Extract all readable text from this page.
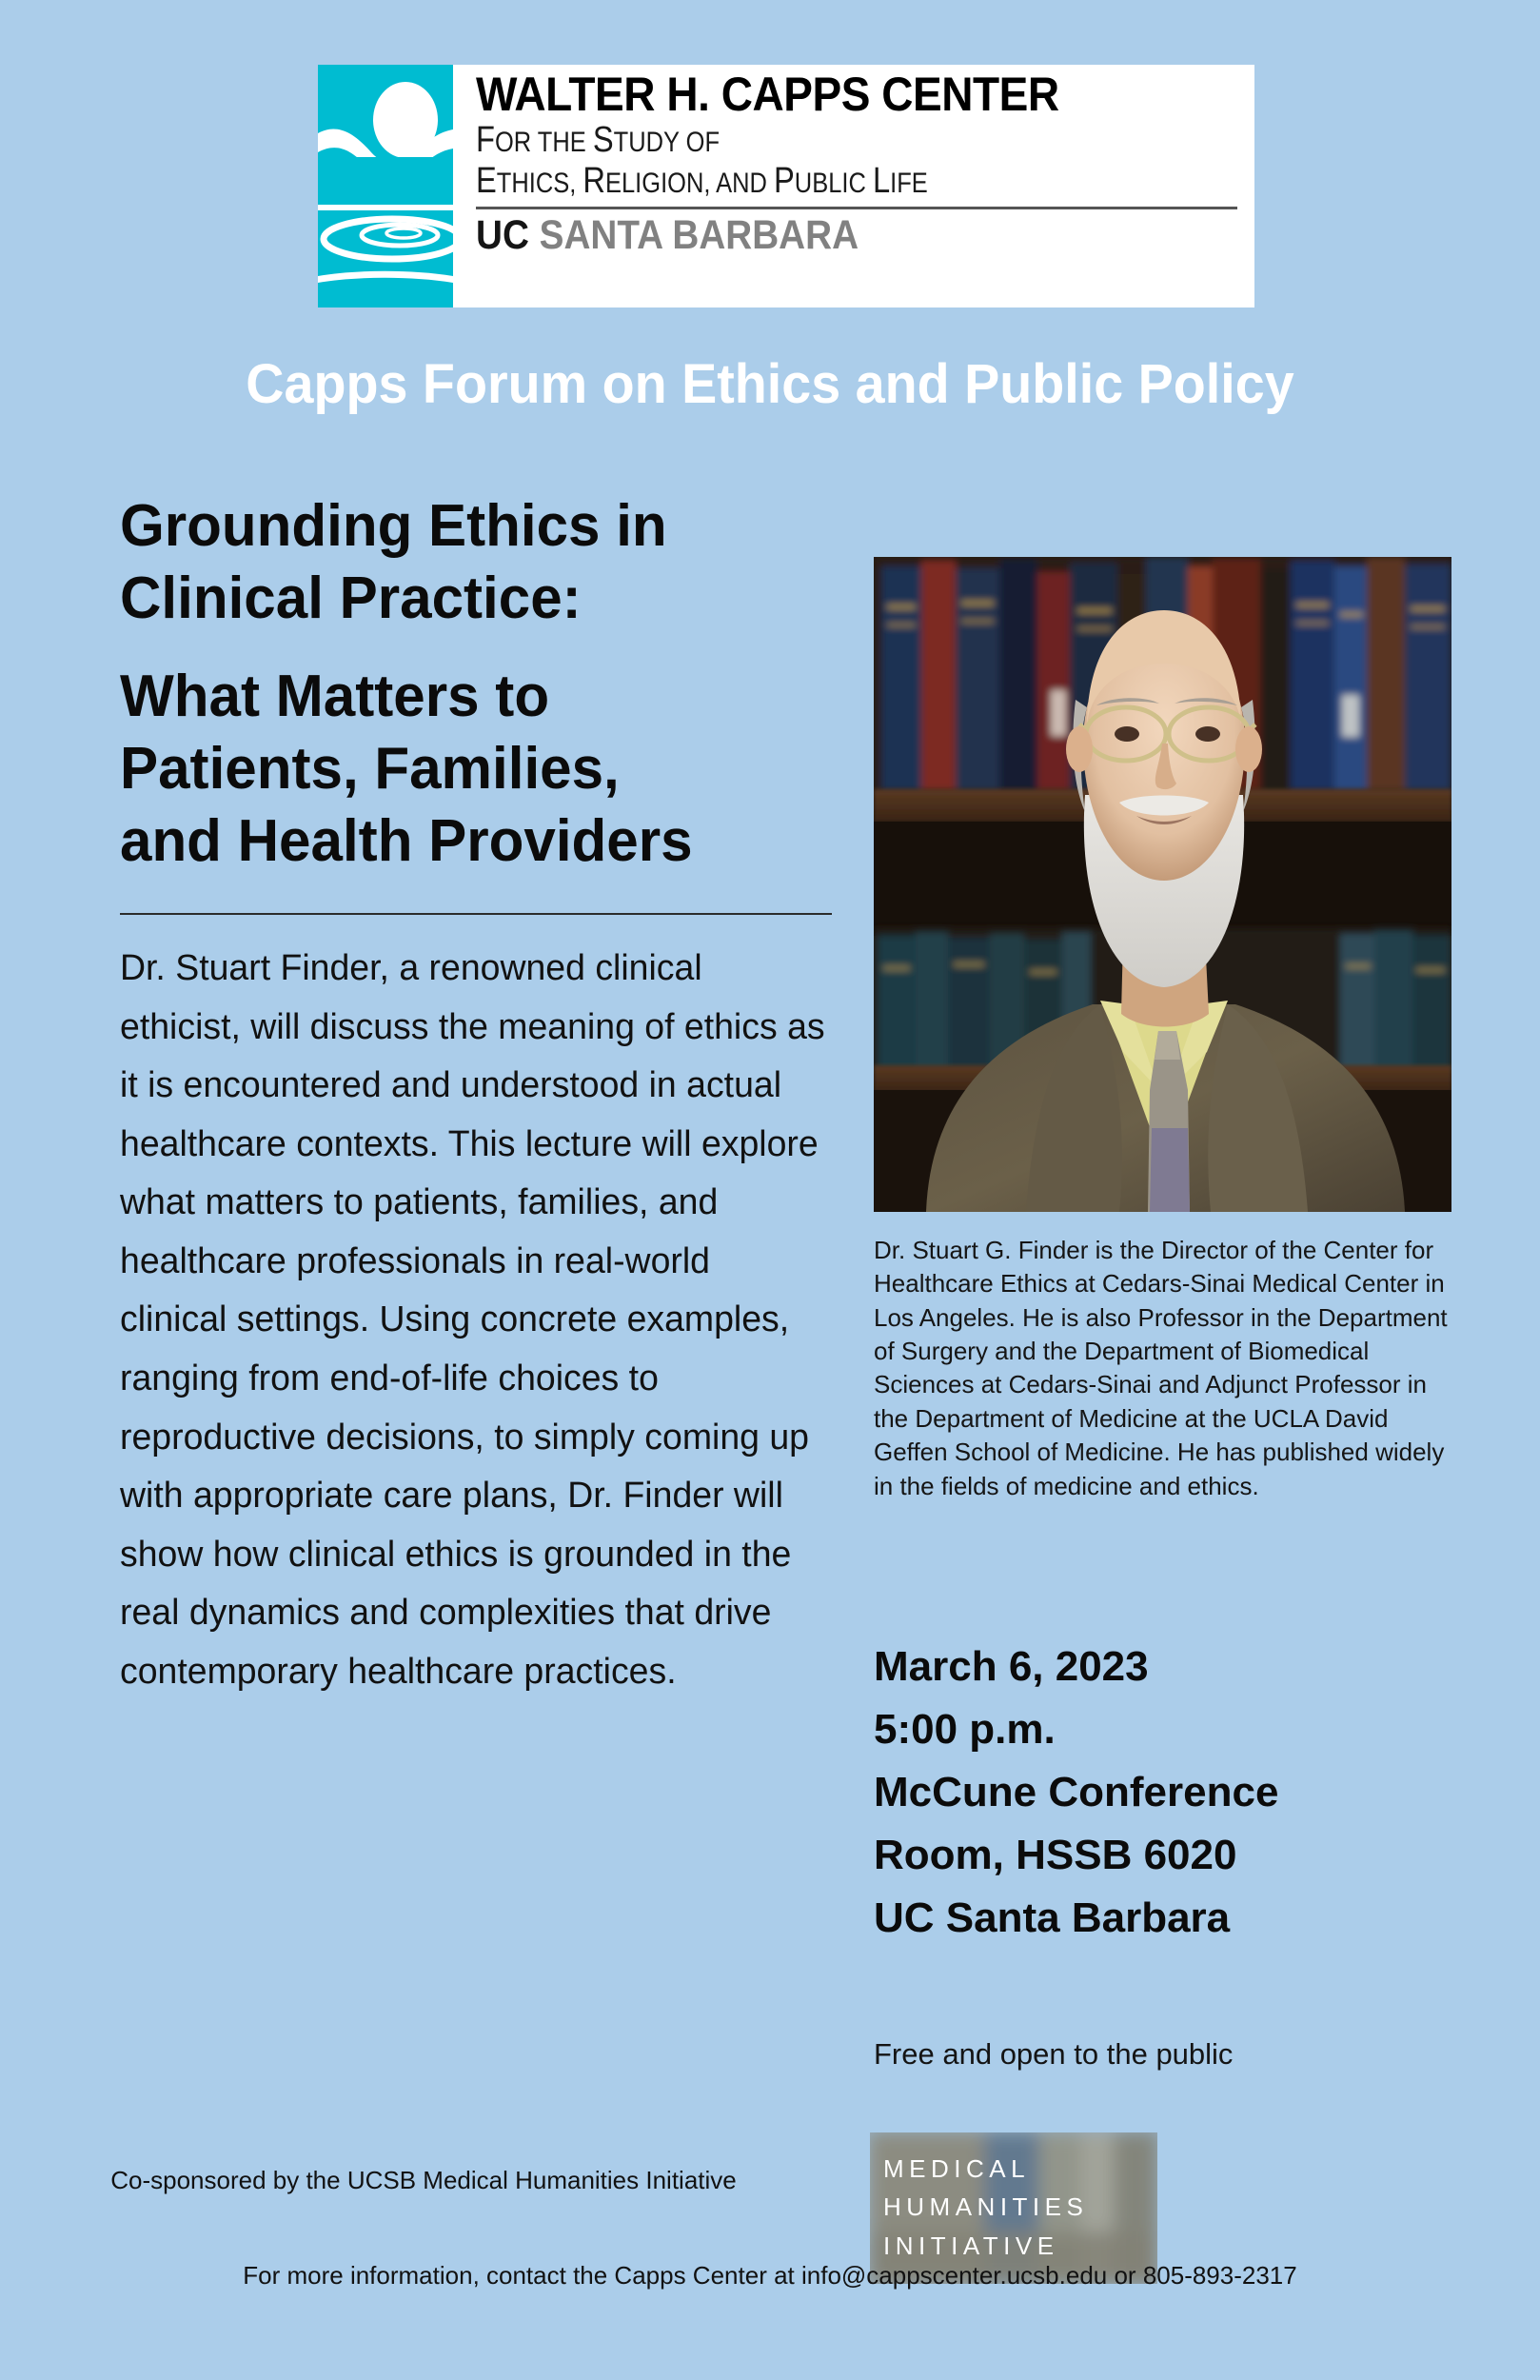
WALTER H. CAPPS CENTER
FOR THE STUDY OF
ETHICS, RELIGION, AND PUBLIC LIFE
UC SANTA BARBARA
Capps Forum on Ethics and Public Policy
Grounding Ethics in
Clinical Practice:
What Matters to
Patients, Families,
and Health Providers
Dr. Stuart Finder, a renowned clinical ethicist, will discuss the meaning of ethics as it is encountered and understood in actual healthcare contexts. This lecture will explore what matters to patients, families, and healthcare professionals in real-world clinical settings. Using concrete examples, ranging from end-of-life choices to reproductive decisions, to simply coming up with appropriate care plans, Dr. Finder will show how clinical ethics is grounded in the real dynamics and complexities that drive contemporary healthcare practices.
Dr. Stuart G. Finder is the Director of the Center for Healthcare Ethics at Cedars-Sinai Medical Center in Los Angeles. He is also Professor in the Department of Surgery and the Department of Biomedical Sciences at Cedars-Sinai and Adjunct Professor in the Department of Medicine at the UCLA David Geffen School of Medicine. He has published widely in the fields of medicine and ethics.
March 6, 2023
5:00 p.m.
McCune Conference
Room, HSSB 6020
UC Santa Barbara
Free and open to the public
MEDICAL
HUMANITIES
INITIATIVE
Co-sponsored by the UCSB Medical Humanities Initiative
For more information, contact the Capps Center at info@cappscenter.ucsb.edu or 805-893-2317
